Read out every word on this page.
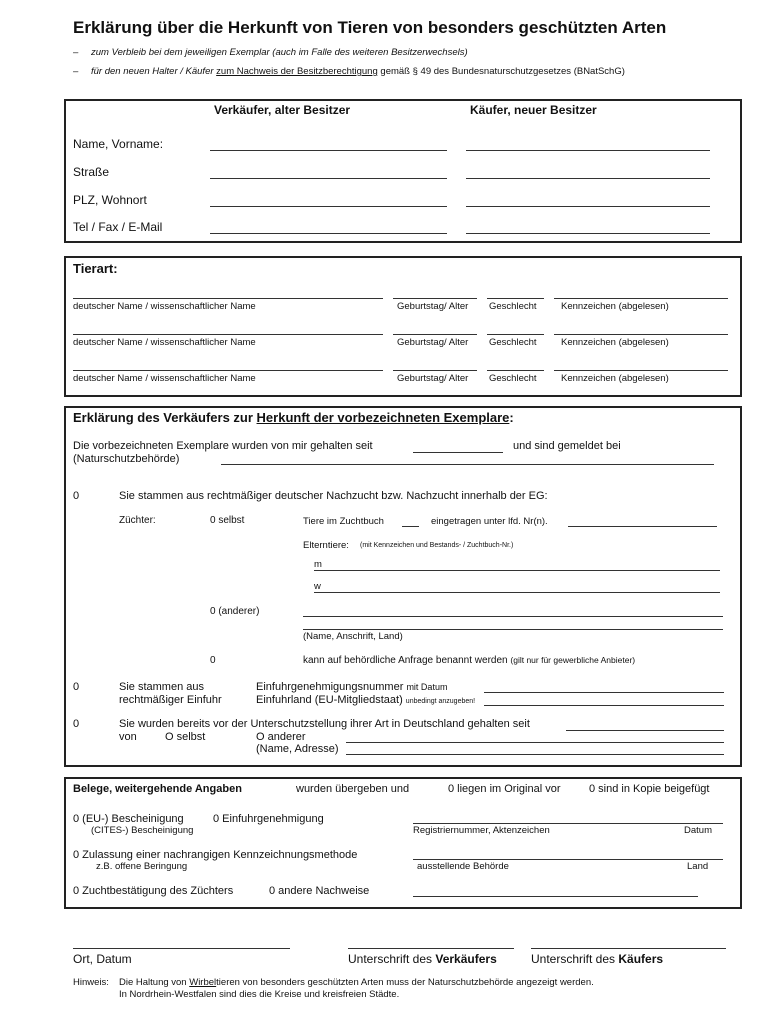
Erklärung über die Herkunft von Tieren von besonders geschützten Arten
– zum Verbleib bei dem jeweiligen Exemplar (auch im Falle des weiteren Besitzerwechsels)
– für den neuen Halter / Käufer zum Nachweis der Besitzberechtigung gemäß § 49 des Bundesnaturschutzgesetzes (BNatSchG)
Verkäufer, alter Besitzer	Käufer, neuer Besitzer
Name, Vorname:
Straße
PLZ, Wohnort
Tel / Fax / E-Mail
Tierart:
deutscher Name / wissenschaftlicher Name	Geburtstag/ Alter Geschlecht	Kennzeichen (abgelesen)
deutscher Name / wissenschaftlicher Name	Geburtstag/ Alter Geschlecht	Kennzeichen (abgelesen)
deutscher Name / wissenschaftlicher Name	Geburtstag/ Alter Geschlecht	Kennzeichen (abgelesen)
Erklärung des Verkäufers zur Herkunft der vorbezeichneten Exemplare:
Die vorbezeichneten Exemplare wurden von mir gehalten seit	und sind gemeldet bei
(Naturschutzbehörde)
0	Sie stammen aus rechtmäßiger deutscher Nachzucht bzw. Nachzucht innerhalb der EG:
Züchter:	0 selbst	Tiere im Zuchtbuch	eingetragen unter lfd. Nr(n).
Elterntiere: (mit Kennzeichen und Bestands- / Zuchtbuch-Nr.)
m
w
0 (anderer)
(Name, Anschrift, Land)
0	kann auf behördliche Anfrage benannt werden (gilt nur für gewerbliche Anbieter)
0	Sie stammen aus
rechtmäßiger Einfuhr
Einfuhrgenehmigungsnummer mit Datum
Einfuhrland (EU-Mitgliedstaat) unbedingt anzugeben!
0	Sie wurden bereits vor der Unterschutzstellung ihrer Art in Deutschland gehalten seit
von	O selbst	O anderer
(Name, Adresse)
Belege, weitergehende Angaben	wurden übergeben und	0 liegen im Original vor	0 sind in Kopie beigefügt
0 (EU-) Bescheinigung	0 Einfuhrgenehmigung
(CITES-) Bescheinigung	Registriernummer, Aktenzeichen	Datum
0 Zulassung einer nachrangigen Kennzeichnungsmethode
z.B. offene Beringung	ausstellende Behörde	Land
0 Zuchtbestätigung des Züchters	0 andere Nachweise
Ort, Datum	Unterschrift des Verkäufers	Unterschrift des Käufers
Hinweis: Die Haltung von Wirbeltieren von besonders geschützten Arten muss der Naturschutzbehörde angezeigt werden.
In Nordrhein-Westfalen sind dies die Kreise und kreisfreien Städte.
